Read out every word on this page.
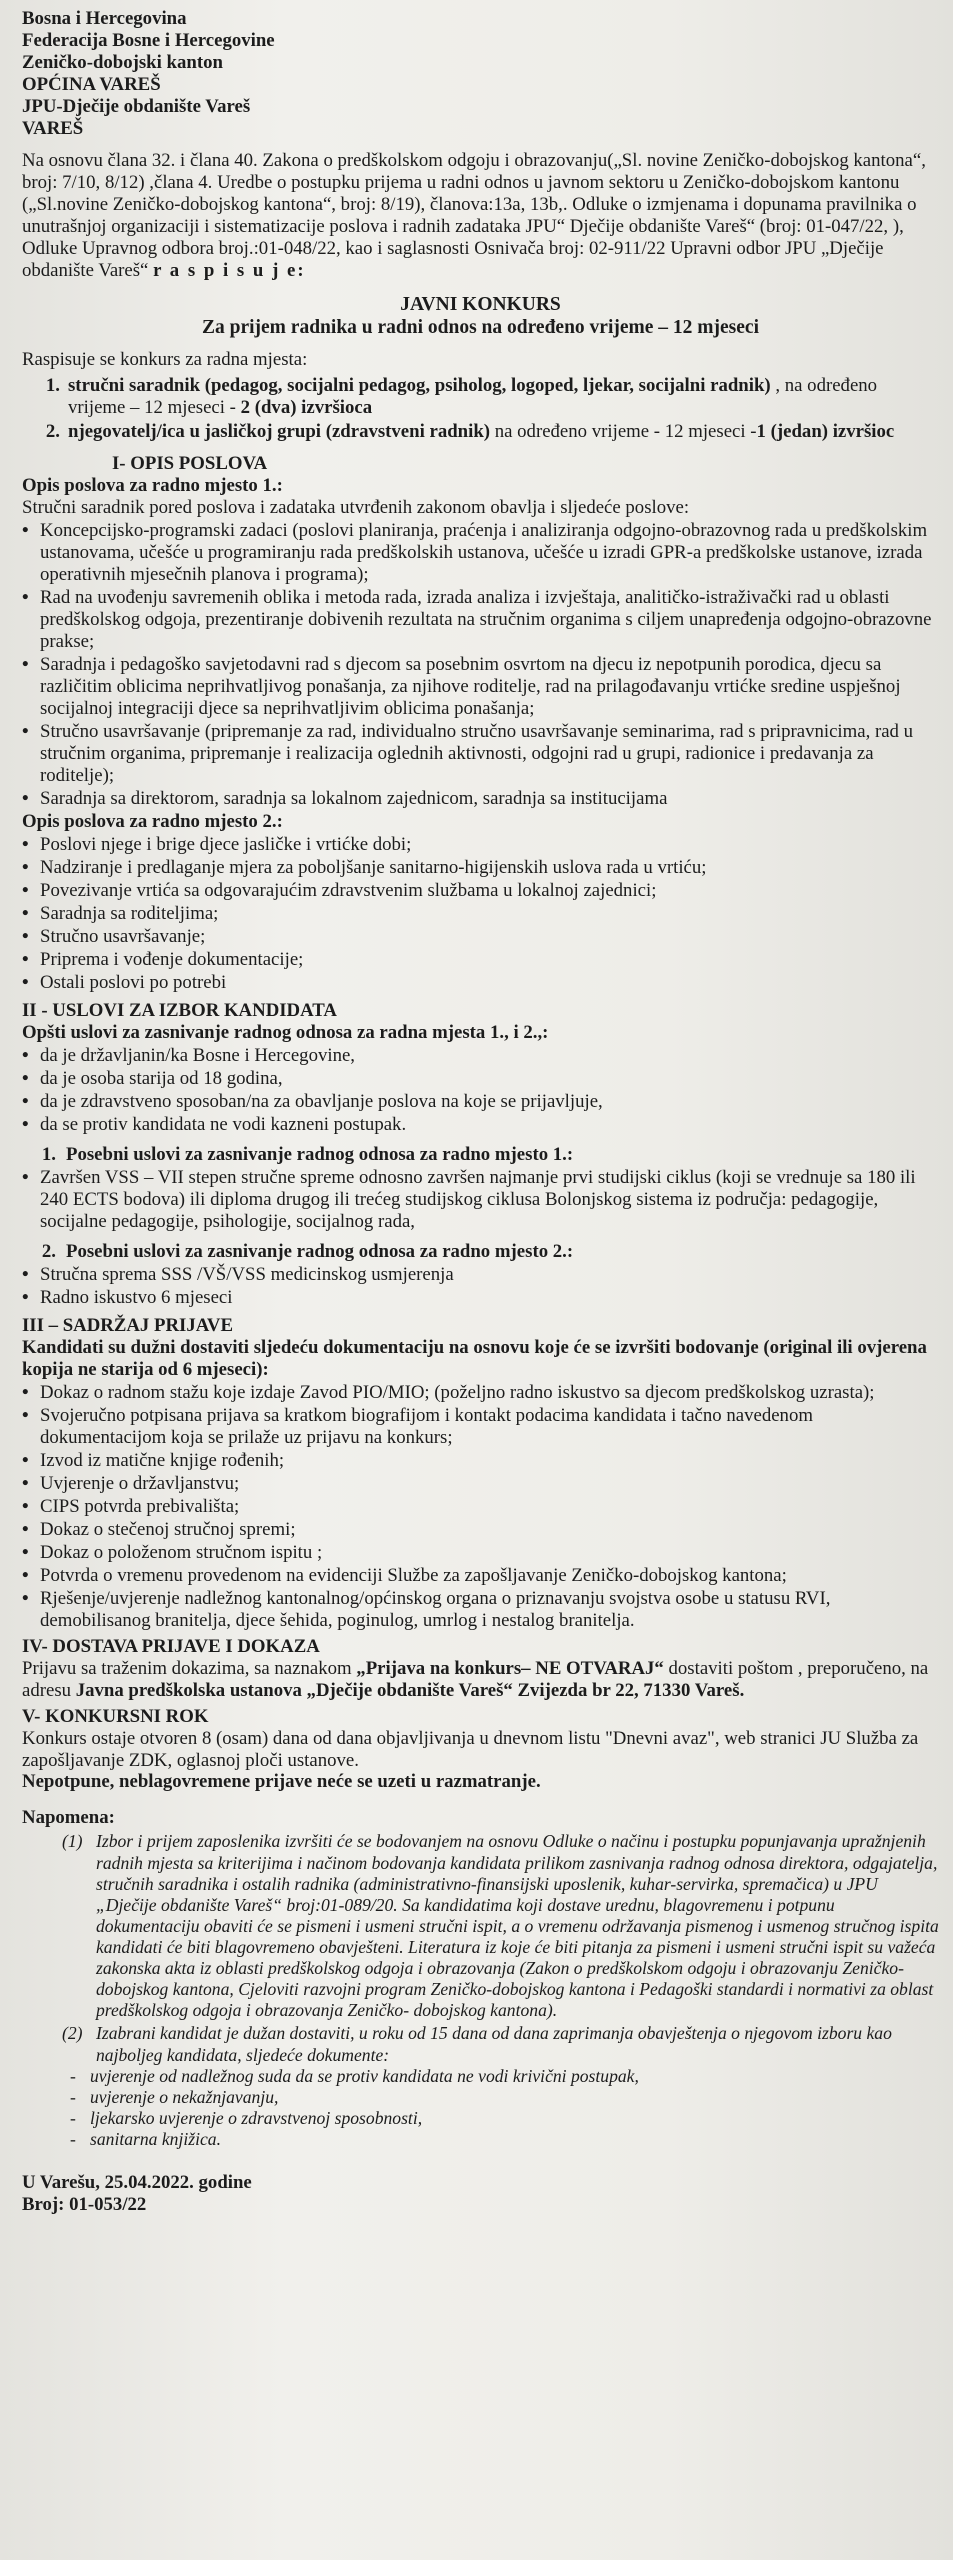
Bosna i Hercegovina

Federacija Bosne i Hercegovine

Zeničko-dobojski kanton

OPĆINA VAREŠ

JPU-Dječije obdanište Vareš

VAREŠ

Na osnovu člana 32. i člana 40. Zakona o predškolskom odgoju i obrazovanju(„Sl. novine Zeničko-dobojskog kantona“, broj: 7/10, 8/12) ,člana 4. Uredbe o postupku prijema u radni odnos u javnom sektoru u Zeničko-dobojskom kantonu („Sl.novine Zeničko-dobojskog kantona“, broj: 8/19), članova:13a, 13b,. Odluke o izmjenama i dopunama pravilnika o unutrašnjoj organizaciji i sistematizacije poslova i radnih zadataka JPU“ Dječije obdanište Vareš“ (broj: 01-047/22, ), Odluke Upravnog odbora broj.:01-048/22, kao i saglasnosti Osnivača broj: 02-911/22 Upravni odbor JPU „Dječije obdanište Vareš“ r a s p i s u j e:

JAVNI KONKURS
Za prijem radnika u radni odnos na određeno vrijeme – 12 mjeseci

Raspisuje se konkurs za radna mjesta:

1. stručni saradnik (pedagog, socijalni pedagog, psiholog, logoped, ljekar, socijalni radnik) , na određeno vrijeme – 12 mjeseci - 2 (dva) izvršioca
2. njegovatelj/ica u jasličkoj grupi (zdravstveni radnik) na određeno vrijeme - 12 mjeseci -1 (jedan) izvršioc
I- OPIS POSLOVA
Opis poslova za radno mjesto 1.:

Stručni saradnik pored poslova i zadataka utvrđenih zakonom obavlja i sljedeće poslove:

• Koncepcijsko-programski zadaci (poslovi planiranja, praćenja i analiziranja odgojno-obrazovnog rada u predškolskim ustanovama, učešće u programiranju rada predškolskih ustanova, učešće u izradi GPR-a predškolske ustanove, izrada operativnih mjesečnih planova i programa);
• Rad na uvođenju savremenih oblika i metoda rada, izrada analiza i izvještaja, analitičko-istraživački rad u oblasti predškolskog odgoja, prezentiranje dobivenih rezultata na stručnim organima s ciljem unapređenja odgojno-obrazovne prakse;
• Saradnja i pedagoško savjetodavni rad s djecom sa posebnim osvrtom na djecu iz nepotpunih porodica, djecu sa različitim oblicima neprihvatljivog ponašanja, za njihove roditelje, rad na prilagođavanju vrtićke sredine uspješnoj socijalnoj integraciji djece sa neprihvatljivim oblicima ponašanja;
• Stručno usavršavanje (pripremanje za rad, individualno stručno usavršavanje seminarima, rad s pripravnicima, rad u stručnim organima, pripremanje i realizacija oglednih aktivnosti, odgojni rad u grupi, radionice i predavanja za roditelje);
• Saradnja sa direktorom, saradnja sa lokalnom zajednicom, saradnja sa institucijama
Opis poslova za radno mjesto 2.:
• Poslovi njege i brige djece jasličke i vrtićke dobi;
• Nadziranje i predlaganje mjera za poboljšanje sanitarno-higijenskih uslova rada u vrtiću;
• Povezivanje vrtića sa odgovarajućim zdravstvenim službama u lokalnoj zajednici;
• Saradnja sa roditeljima;
• Stručno usavršavanje;
• Priprema i vođenje dokumentacije;
• Ostali poslovi po potrebi
II - USLOVI ZA IZBOR KANDIDATA
Opšti uslovi za zasnivanje radnog odnosa za radna mjesta 1., i 2.,:
• da je državljanin/ka Bosne i Hercegovine,
• da je osoba starija od 18 godina,
• da je zdravstveno sposoban/na za obavljanje poslova na koje se prijavljuje,
• da se protiv kandidata ne vodi kazneni postupak.
1. Posebni uslovi za zasnivanje radnog odnosa za radno mjesto 1.:
• Završen VSS – VII stepen stručne spreme odnosno završen najmanje prvi studijski ciklus (koji se vrednuje sa 180 ili 240 ECTS bodova) ili diploma drugog ili trećeg studijskog ciklusa Bolonjskog sistema iz područja: pedagogije, socijalne pedagogije, psihologije, socijalnog rada,
2. Posebni uslovi za zasnivanje radnog odnosa za radno mjesto 2.:
• Stručna sprema SSS /VŠ/VSS medicinskog usmjerenja
• Radno iskustvo 6 mjeseci
III – SADRŽAJ PRIJAVE
Kandidati su dužni dostaviti sljedeću dokumentaciju na osnovu koje će se izvršiti bodovanje (original ili ovjerena kopija ne starija od 6 mjeseci):
• Dokaz o radnom stažu koje izdaje Zavod PIO/MIO; (poželjno radno iskustvo sa djecom predškolskog uzrasta);
• Svojeručno potpisana prijava sa kratkom biografijom i kontakt podacima kandidata i tačno navedenom dokumentacijom koja se prilaže uz prijavu na konkurs;
• Izvod iz matične knjige rođenih;
• Uvjerenje o državljanstvu;
• CIPS potvrda prebivališta;
• Dokaz o stečenoj stručnoj spremi;
• Dokaz o položenom stručnom ispitu ;
• Potvrda o vremenu provedenom na evidenciji Službe za zapošljavanje Zeničko-dobojskog kantona;
• Rješenje/uvjerenje nadležnog kantonalnog/općinskog organa o priznavanju svojstva osobe u statusu RVI, demobilisanog branitelja, djece šehida, poginulog, umrlog i nestalog branitelja.
IV- DOSTAVA PRIJAVE I DOKAZA

Prijavu sa traženim dokazima, sa naznakom „Prijava na konkurs– NE OTVARAJ“ dostaviti poštom , preporučeno, na adresu Javna predškolska ustanova „Dječije obdanište Vareš“ Zvijezda br 22, 71330 Vareš.

V- KONKURSNI ROK

Konkurs ostaje otvoren 8 (osam) dana od dana objavljivanja u dnevnom listu "Dnevni avaz", web stranici JU Služba za zapošljavanje ZDK, oglasnoj ploči ustanove.

Nepotpune, neblagovremene prijave neće se uzeti u razmatranje.

Napomena:
(1) Izbor i prijem zaposlenika izvršiti će se bodovanjem na osnovu Odluke o načinu i postupku popunjavanja upražnjenih radnih mjesta sa kriterijima i načinom bodovanja kandidata prilikom zasnivanja radnog odnosa direktora, odgajatelja, stručnih saradnika i ostalih radnika (administrativno-finansijski uposlenik, kuhar-servirka, spremačica) u JPU „Dječije obdanište Vareš“ broj:01-089/20. Sa kandidatima koji dostave urednu, blagovremenu i potpunu dokumentaciju obaviti će se pismeni i usmeni stručni ispit, a o vremenu održavanja pismenog i usmenog stručnog ispita kandidati će biti blagovremeno obavješteni. Literatura iz koje će biti pitanja za pismeni i usmeni stručni ispit su važeća zakonska akta iz oblasti predškolskog odgoja i obrazovanja (Zakon o predškolskom odgoju i obrazovanju Zeničko- dobojskog kantona, Cjeloviti razvojni program Zeničko-dobojskog kantona i Pedagoški standardi i normativi za oblast predškolskog odgoja i obrazovanja Zeničko- dobojskog kantona).
(2) Izabrani kandidat je dužan dostaviti, u roku od 15 dana od dana zaprimanja obavještenja o njegovom izboru kao najboljeg kandidata, sljedeće dokumente:
- uvjerenje od nadležnog suda da se protiv kandidata ne vodi krivični postupak,
- uvjerenje o nekažnjavanju,
- ljekarsko uvjerenje o zdravstvenoj sposobnosti,
- sanitarna knjižica.

U Varešu, 25.04.2022. godine

Broj: 01-053/22
